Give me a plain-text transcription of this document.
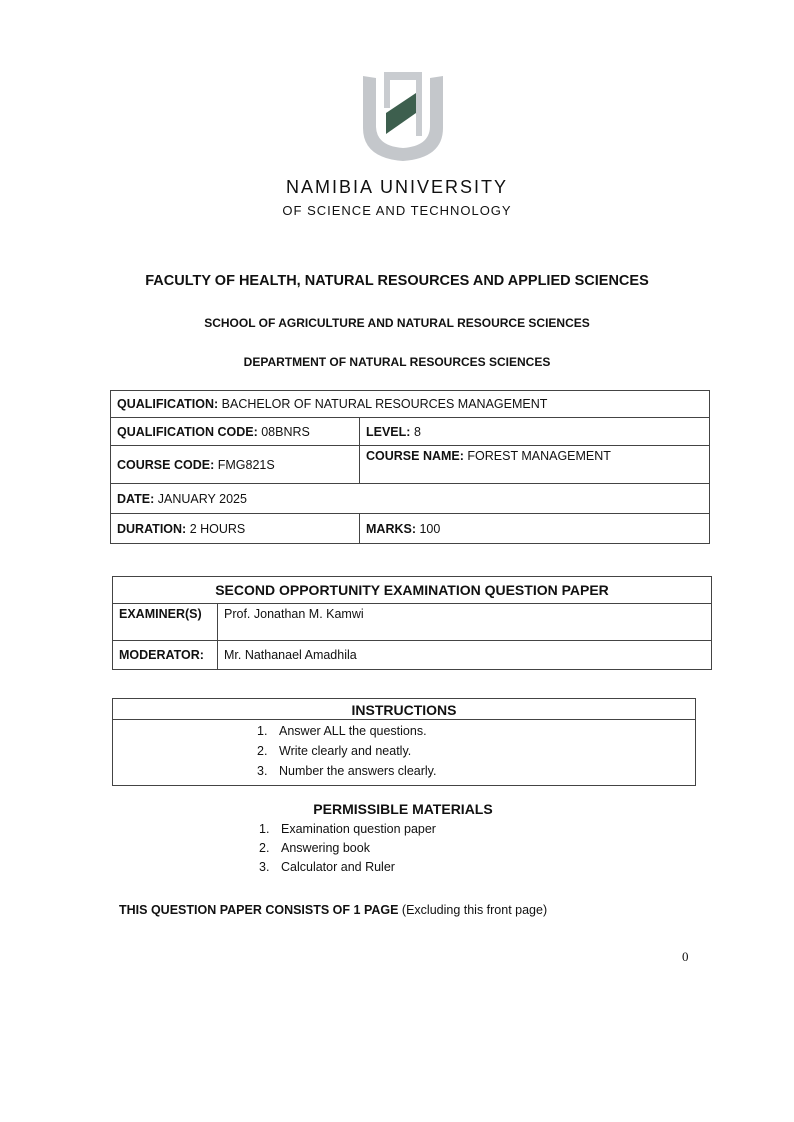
NAMIBIA UNIVERSITY
OF SCIENCE AND TECHNOLOGY
FACULTY OF HEALTH, NATURAL RESOURCES AND APPLIED SCIENCES
SCHOOL OF AGRICULTURE AND NATURAL RESOURCE SCIENCES
DEPARTMENT OF NATURAL RESOURCES SCIENCES
QUALIFICATION: BACHELOR OF NATURAL RESOURCES MANAGEMENT	
QUALIFICATION CODE: 08BNRS	LEVEL: 8
COURSE CODE: FMG821S	COURSE NAME: FOREST MANAGEMENT
DATE: JANUARY 2025	
DURATION: 2 HOURS	MARKS: 100
SECOND OPPORTUNITY EXAMINATION QUESTION PAPER	
EXAMINER(S)	Prof. Jonathan M. Kamwi
MODERATOR:	Mr. Nathanael Amadhila
INSTRUCTIONS
1. Answer ALL the questions.
2. Write clearly and neatly.
3. Number the answers clearly.
PERMISSIBLE MATERIALS
1. Examination question paper
2. Answering book
3. Calculator and Ruler
THIS QUESTION PAPER CONSISTS OF 1 PAGE (Excluding this front page)
0
